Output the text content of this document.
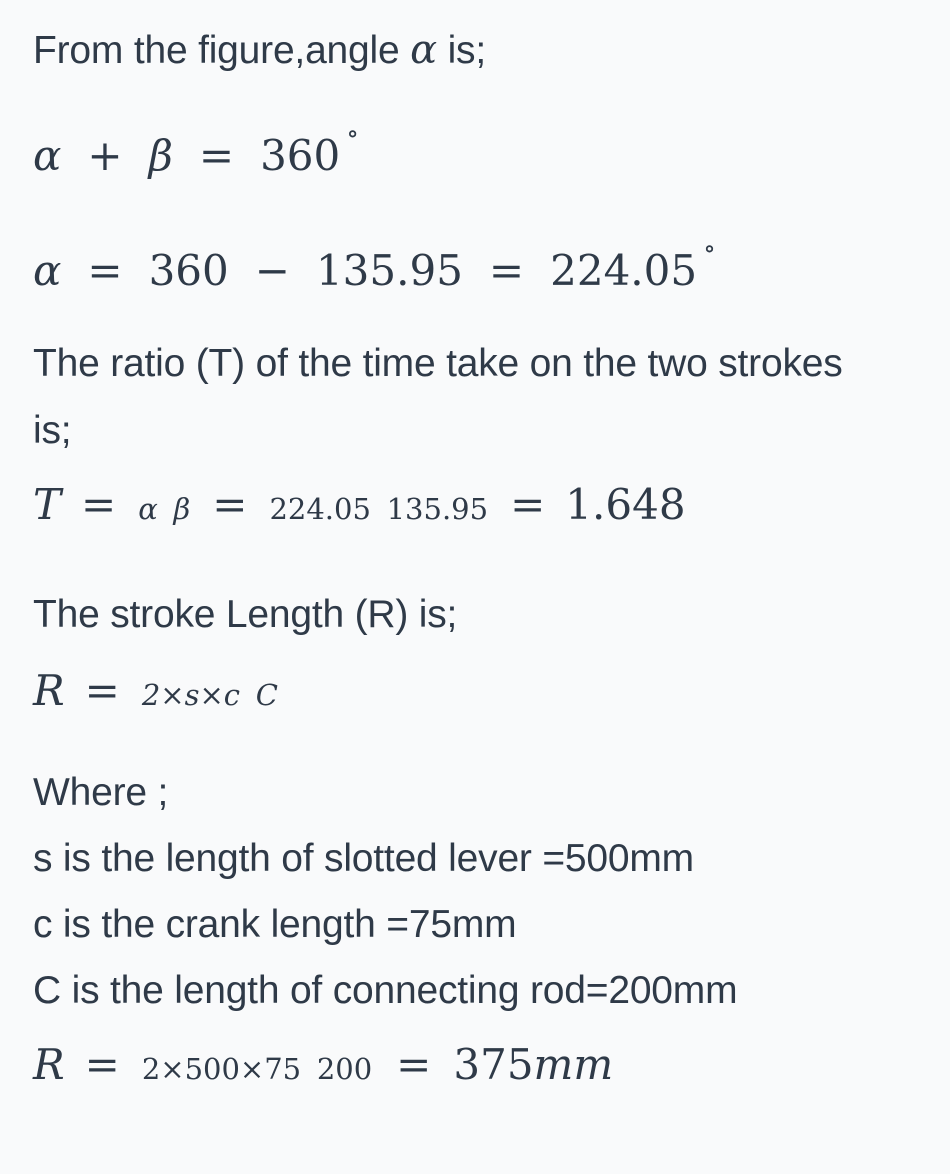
From the figure,angle α is;
α + β = 360 ∘
α = 360 − 135.95 = 224.05 ∘
The ratio (T) of the time take on the two strokes
is;
T = α β = 224.05 135.95 = 1.648
The stroke Length (R) is;
R = 2×s×c C
Where ;
s is the length of slotted lever =500mm
c is the crank length =75mm
C is the length of connecting rod=200mm
R = 2×500×75 200 = 375 mm
